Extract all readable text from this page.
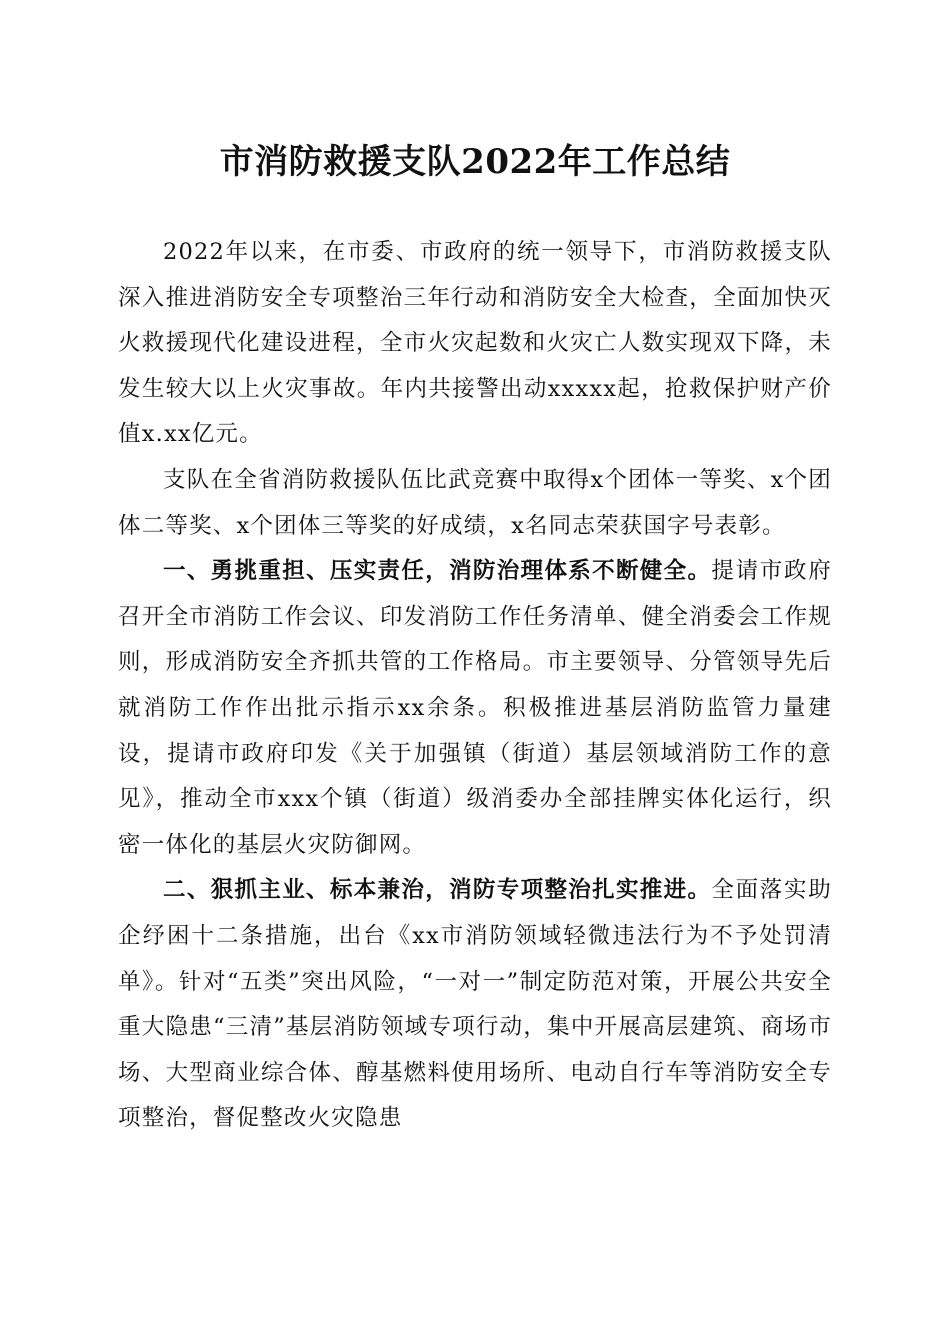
市消防救援支队2022年工作总结

2022年以来，在市委、市政府的统一领导下，市消防救援支队深入推进消防安全专项整治三年行动和消防安全大检查，全面加快灭火救援现代化建设进程，全市火灾起数和火灾亡人数实现双下降，未发生较大以上火灾事故。年内共接警出动xxxxx起，抢救保护财产价值x.xx亿元。

支队在全省消防救援队伍比武竞赛中取得x个团体一等奖、x个团体二等奖、x个团体三等奖的好成绩，x名同志荣获国字号表彰。

一、勇挑重担、压实责任，消防治理体系不断健全。提请市政府召开全市消防工作会议、印发消防工作任务清单、健全消委会工作规则，形成消防安全齐抓共管的工作格局。市主要领导、分管领导先后就消防工作作出批示指示xx余条。积极推进基层消防监管力量建设，提请市政府印发《关于加强镇（街道）基层领域消防工作的意见》，推动全市xxx个镇（街道）级消委办全部挂牌实体化运行，织密一体化的基层火灾防御网。

二、狠抓主业、标本兼治，消防专项整治扎实推进。全面落实助企纾困十二条措施，出台《xx市消防领域轻微违法行为不予处罚清单》。针对“五类”突出风险，“一对一”制定防范对策，开展公共安全重大隐患“三清”基层消防领域专项行动，集中开展高层建筑、商场市场、大型商业综合体、醇基燃料使用场所、电动自行车等消防安全专项整治，督促整改火灾隐患
